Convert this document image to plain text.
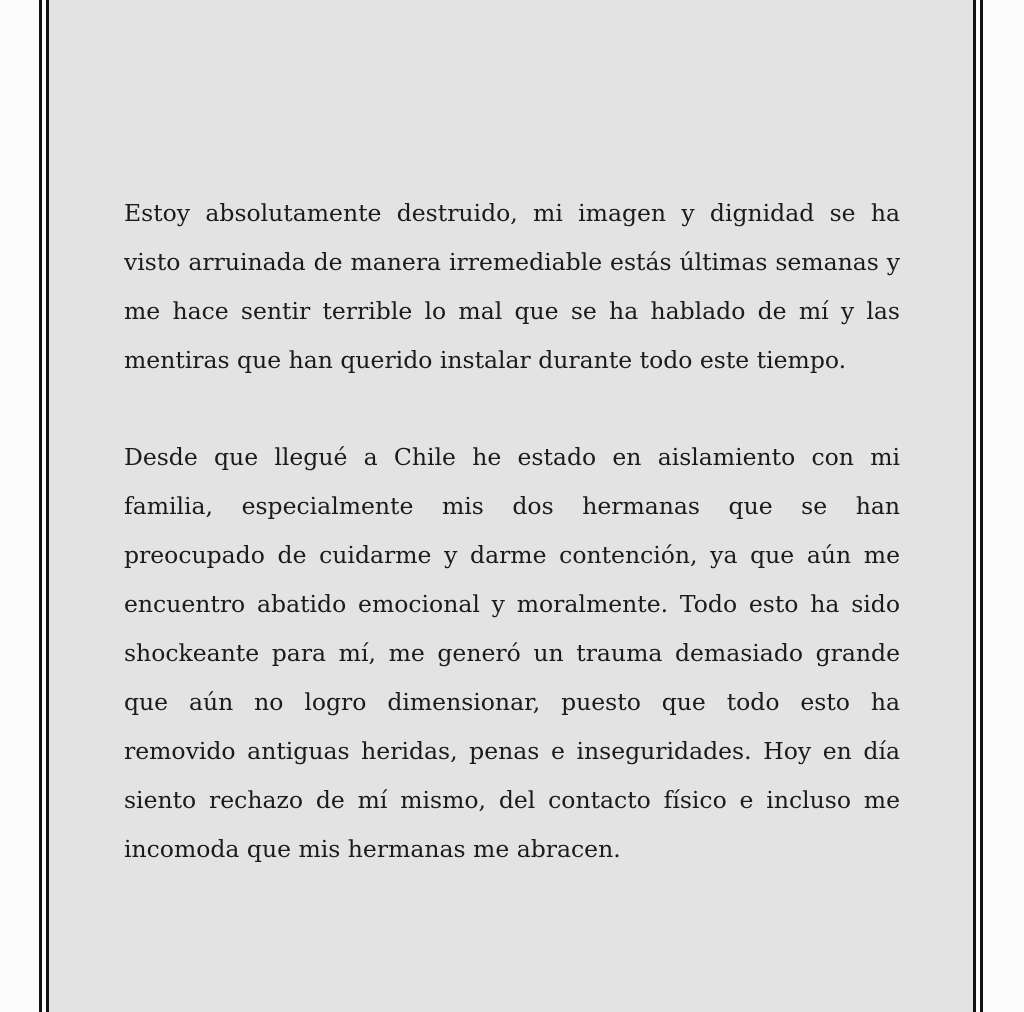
Estoy absolutamente destruido, mi imagen y dignidad se ha
visto arruinada de manera irremediable estás últimas semanas y
me hace sentir terrible lo mal que se ha hablado de mí y las
mentiras que han querido instalar durante todo este tiempo.
Desde que llegué a Chile he estado en aislamiento con mi
familia, especialmente mis dos hermanas que se han
preocupado de cuidarme y darme contención, ya que aún me
encuentro abatido emocional y moralmente. Todo esto ha sido
shockeante para mí, me generó un trauma demasiado grande
que aún no logro dimensionar, puesto que todo esto ha
removido antiguas heridas, penas e inseguridades. Hoy en día
siento rechazo de mí mismo, del contacto físico e incluso me
incomoda que mis hermanas me abracen.
